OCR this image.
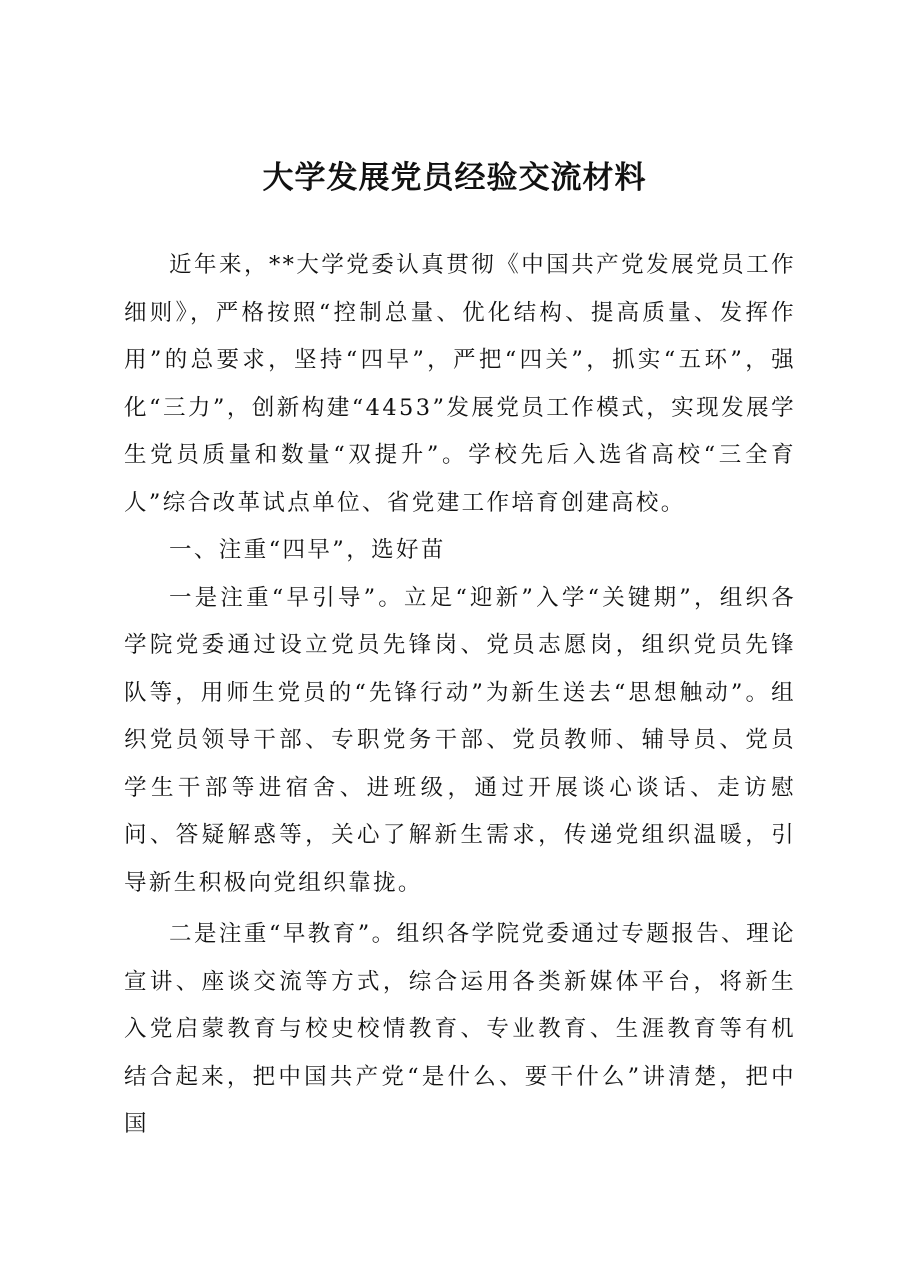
大学发展党员经验交流材料

近年来，**大学党委认真贯彻《中国共产党发展党员工作细则》，严格按照“控制总量、优化结构、提高质量、发挥作用”的总要求，坚持“四早”，严把“四关”，抓实“五环”，强化“三力”，创新构建“4453”发展党员工作模式，实现发展学生党员质量和数量“双提升”。学校先后入选省高校“三全育人”综合改革试点单位、省党建工作培育创建高校。

一、注重“四早”，选好苗

一是注重“早引导”。立足“迎新”入学“关键期”，组织各学院党委通过设立党员先锋岗、党员志愿岗，组织党员先锋队等，用师生党员的“先锋行动”为新生送去“思想触动”。组织党员领导干部、专职党务干部、党员教师、辅导员、党员学生干部等进宿舍、进班级，通过开展谈心谈话、走访慰问、答疑解惑等，关心了解新生需求，传递党组织温暖，引导新生积极向党组织靠拢。

二是注重“早教育”。组织各学院党委通过专题报告、理论宣讲、座谈交流等方式，综合运用各类新媒体平台，将新生入党启蒙教育与校史校情教育、专业教育、生涯教育等有机结合起来，把中国共产党“是什么、要干什么”讲清楚，把中国
